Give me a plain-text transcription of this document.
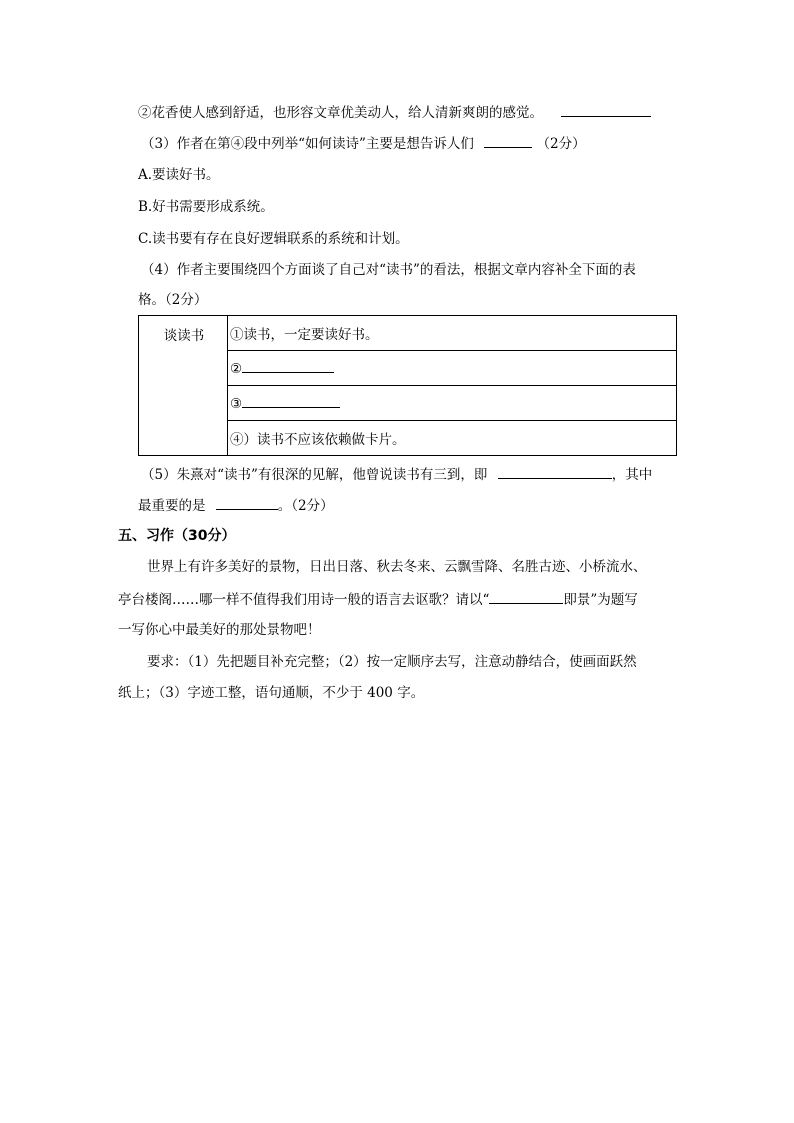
②花香使人感到舒适，也形容文章优美动人，给人清新爽朗的感觉。
（3）作者在第④段中列举“如何读诗”主要是想告诉人们	（2分）
A.要读好书。
B.好书需要形成系统。
C.读书要有存在良好逻辑联系的系统和计划。
（4）作者主要围绕四个方面谈了自己对“读书”的看法，根据文章内容补全下面的表
格。（2分）
谈读书	①读书，一定要读好书。
②
③
④）读书不应该依赖做卡片。
（5）朱熹对“读书”有很深的见解，他曾说读书有三到，即	，其中
最重要的是	。（2分）
五、习作（30分）
世界上有许多美好的景物，日出日落、秋去冬来、云飘雪降、名胜古迹、小桥流水、
亭台楼阁……哪一样不值得我们用诗一般的语言去讴歌？请以“	即景”为题写
一写你心中最美好的那处景物吧！
要求：（1）先把题目补充完整；（2）按一定顺序去写，注意动静结合，使画面跃然
纸上；（3）字迹工整，语句通顺，不少于 400 字。
